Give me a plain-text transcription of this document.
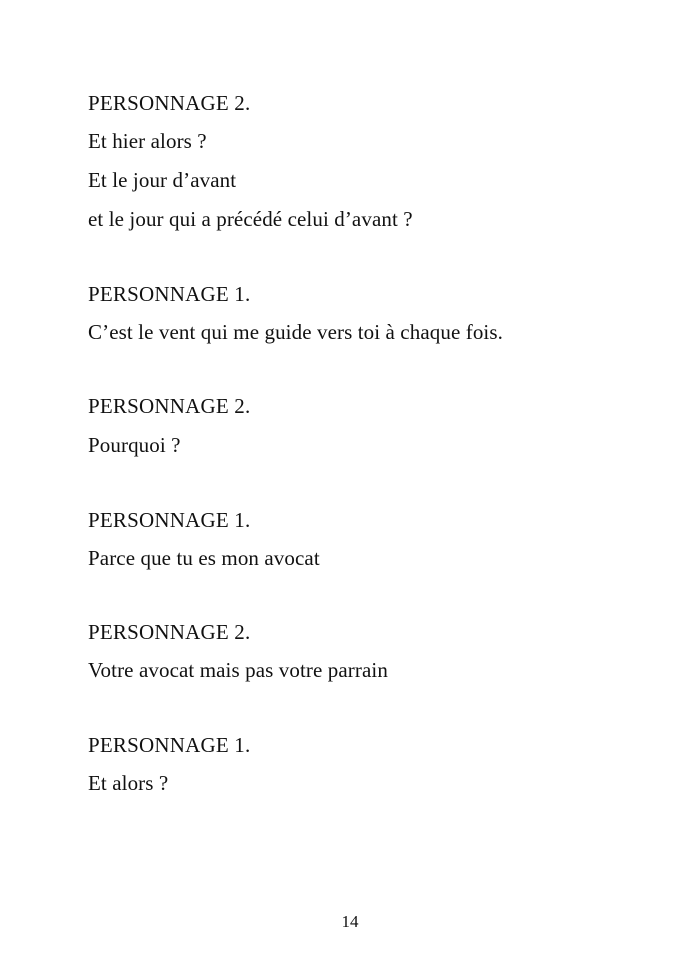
PERSONNAGE 2.
Et hier alors ?
Et le jour d’avant
et le jour qui a précédé celui d’avant ?
PERSONNAGE 1.
C’est le vent qui me guide vers toi à chaque fois.
PERSONNAGE 2.
Pourquoi ?
PERSONNAGE 1.
Parce que tu es mon avocat
PERSONNAGE 2.
Votre avocat mais pas votre parrain
PERSONNAGE 1.
Et alors ?
14
